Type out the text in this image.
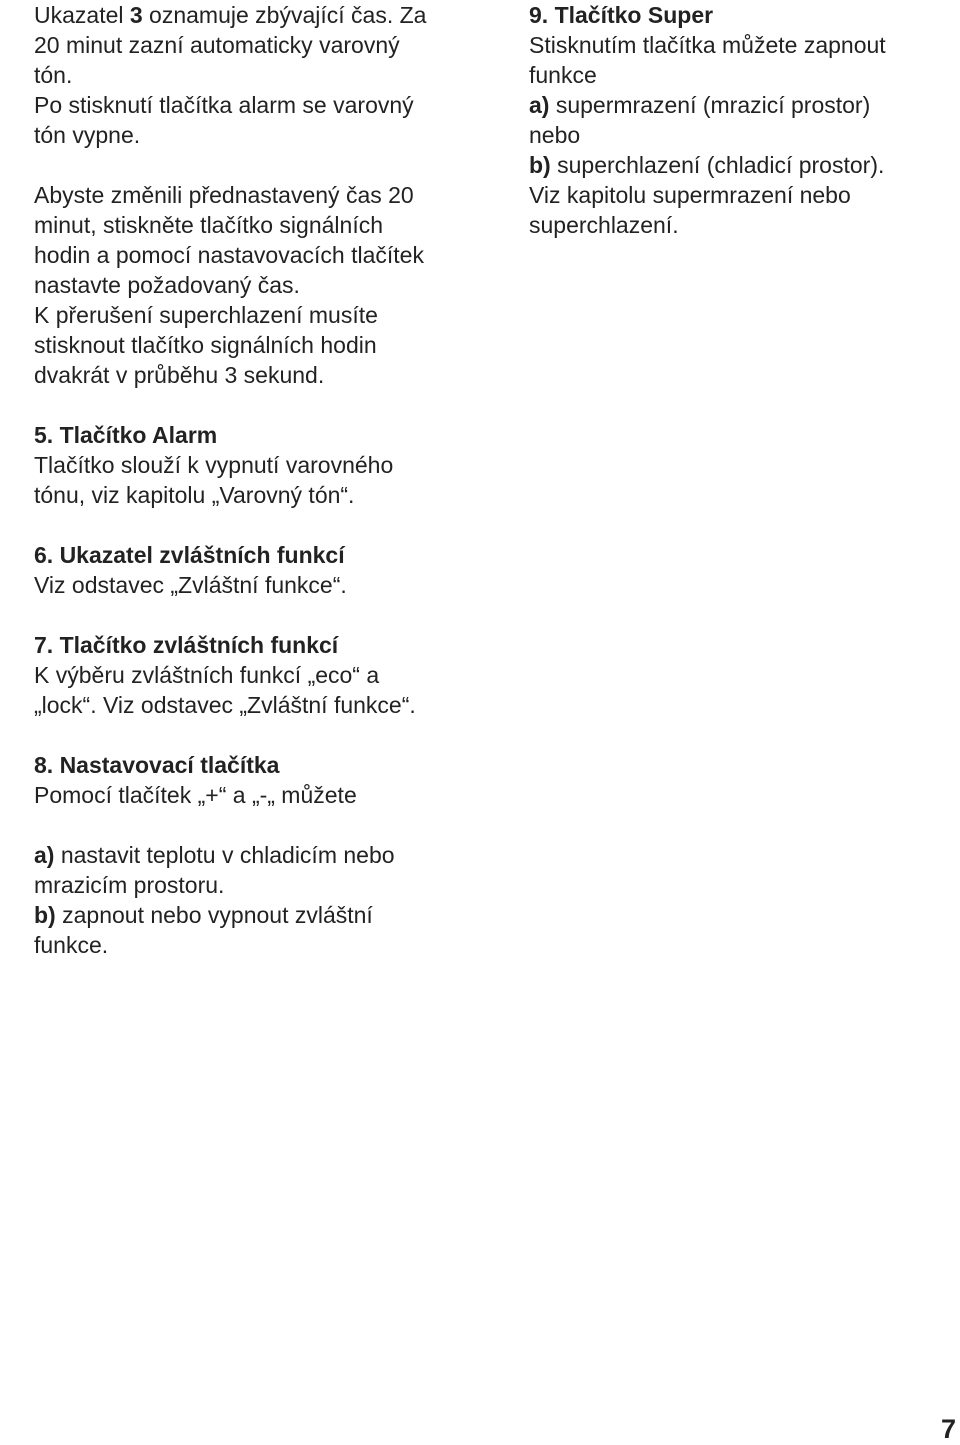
Ukazatel 3 oznamuje zbývající čas. Za
20 minut zazní automaticky varovný
tón.
Po stisknutí tlačítka alarm se varovný
tón vypne.

Abyste změnili přednastavený čas 20
minut, stiskněte tlačítko signálních
hodin a pomocí nastavovacích tlačítek
nastavte požadovaný čas.
K přerušení superchlazení musíte
stisknout tlačítko signálních hodin
dvakrát v průběhu 3 sekund.

5. Tlačítko Alarm
Tlačítko slouží k vypnutí varovného
tónu, viz kapitolu „Varovný tón“.
6. Ukazatel zvláštních funkcí
Viz odstavec „Zvláštní funkce“.
7. Tlačítko zvláštních funkcí
K výběru zvláštních funkcí „eco“ a
„lock“. Viz odstavec „Zvláštní funkce“.
8. Nastavovací tlačítka
Pomocí tlačítek „+“ a „-„ můžete
a) nastavit teplotu v chladicím nebo
mrazicím prostoru.
b) zapnout nebo vypnout zvláštní
funkce.
9. Tlačítko Super
Stisknutím tlačítka můžete zapnout
funkce
a) supermrazení (mrazicí prostor)
nebo
b) superchlazení (chladicí prostor).
Viz kapitolu supermrazení nebo
superchlazení.
7
